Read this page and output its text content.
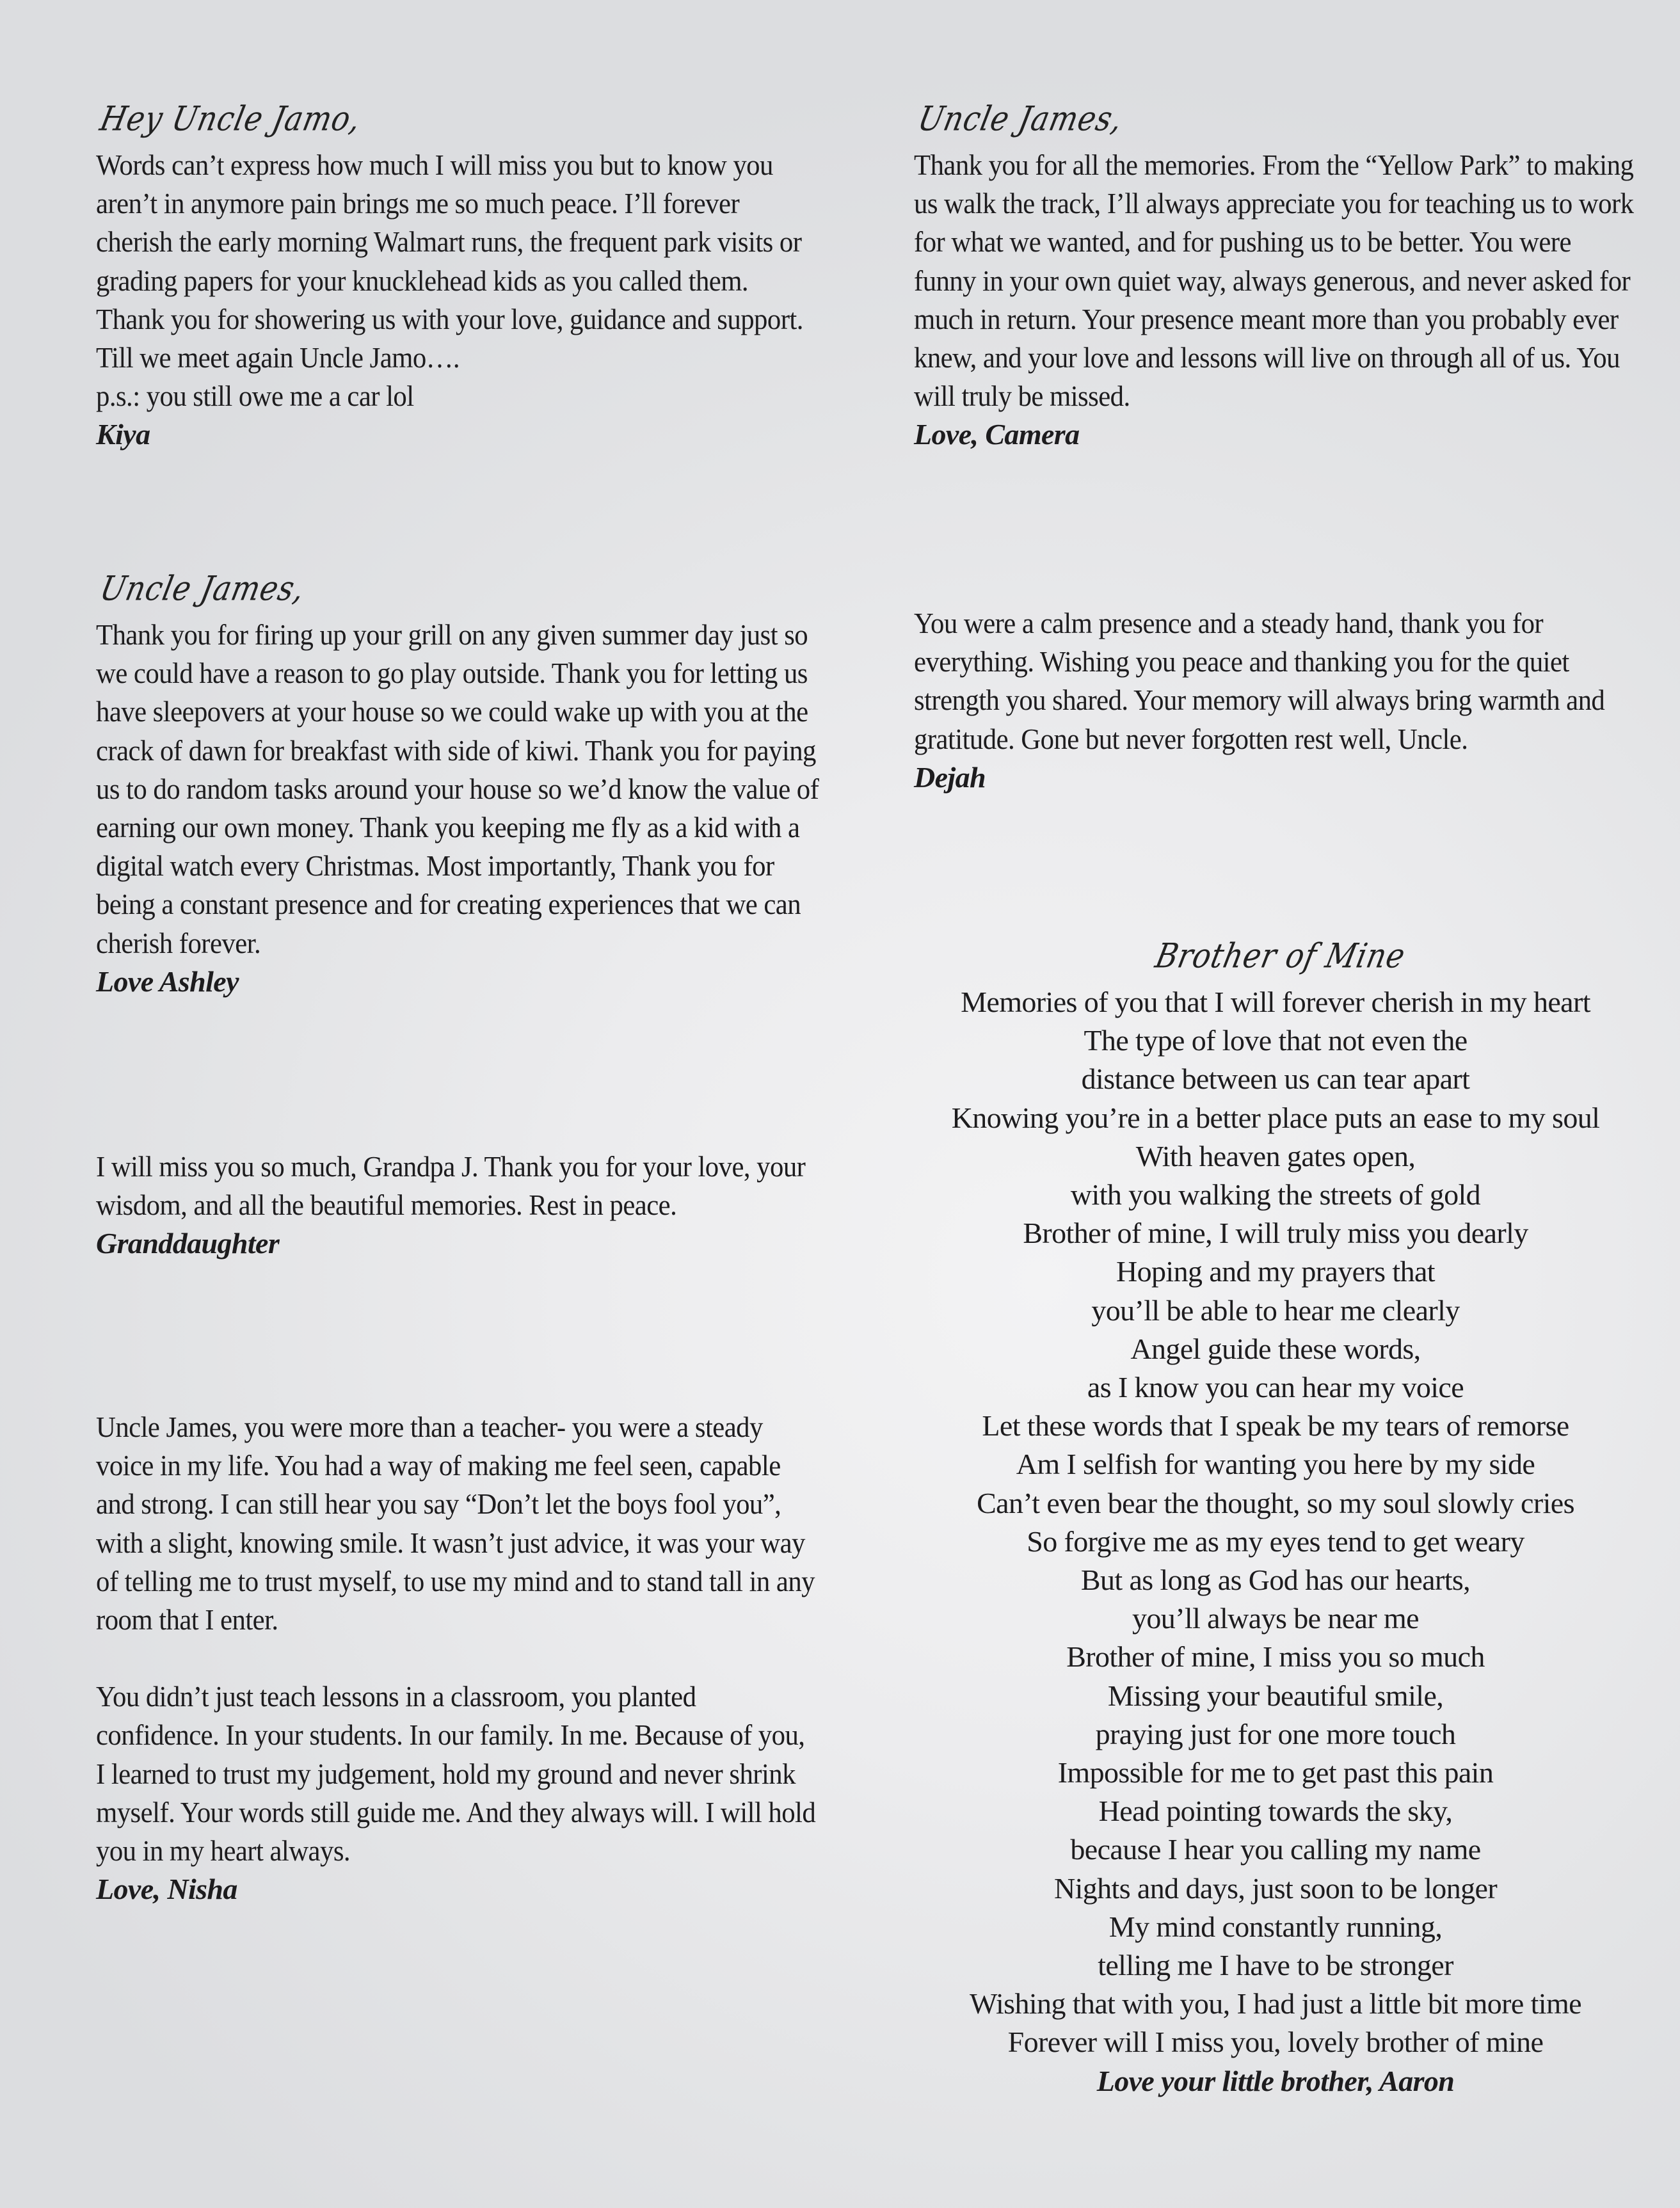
Hey Uncle Jamo,

Words can’t express how much I will miss you but to know you aren’t in anymore pain brings me so much peace. I’ll forever cherish the early morning Walmart runs, the frequent park visits or grading papers for your knucklehead kids as you called them. Thank you for showering us with your love, guidance and support. Till we meet again Uncle Jamo….

p.s.: you still owe me a car lol

Kiya
Uncle James,

Thank you for firing up your grill on any given summer day just so we could have a reason to go play outside. Thank you for letting us have sleepovers at your house so we could wake up with you at the crack of dawn for breakfast with side of kiwi. Thank you for paying us to do random tasks around your house so we’d know the value of earning our own money. Thank you keeping me fly as a kid with a digital watch every Christmas. Most importantly, Thank you for being a constant presence and for creating experiences that we can cherish forever.

Love Ashley

I will miss you so much, Grandpa J. Thank you for your love, your wisdom, and all the beautiful memories. Rest in peace.

Granddaughter

Uncle James, you were more than a teacher- you were a steady voice in my life. You had a way of making me feel seen, capable and strong. I can still hear you say “Don’t let the boys fool you”, with a slight, knowing smile. It wasn’t just advice, it was your way of telling me to trust myself, to use my mind and to stand tall in any room that I enter.

You didn’t just teach lessons in a classroom, you planted confidence. In your students. In our family. In me. Because of you, I learned to trust my judgement, hold my ground and never shrink myself. Your words still guide me. And they always will. I will hold you in my heart always.

Love, Nisha
Uncle James,

Thank you for all the memories. From the “Yellow Park” to making us walk the track, I’ll always appreciate you for teaching us to work for what we wanted, and for pushing us to be better. You were funny in your own quiet way, always generous, and never asked for much in return. Your presence meant more than you probably ever knew, and your love and lessons will live on through all of us. You will truly be missed.

Love, Camera

You were a calm presence and a steady hand, thank you for everything. Wishing you peace and thanking you for the quiet strength you shared. Your memory will always bring warmth and gratitude. Gone but never forgotten rest well, Uncle.

Dejah
Brother of Mine
Memories of you that I will forever cherish in my heart
The type of love that not even the
distance between us can tear apart
Knowing you’re in a better place puts an ease to my soul
With heaven gates open,
with you walking the streets of gold
Brother of mine, I will truly miss you dearly
Hoping and my prayers that
you’ll be able to hear me clearly
Angel guide these words,
as I know you can hear my voice
Let these words that I speak be my tears of remorse
Am I selfish for wanting you here by my side
Can’t even bear the thought, so my soul slowly cries
So forgive me as my eyes tend to get weary
But as long as God has our hearts,
you’ll always be near me
Brother of mine, I miss you so much
Missing your beautiful smile,
praying just for one more touch
Impossible for me to get past this pain
Head pointing towards the sky,
because I hear you calling my name
Nights and days, just soon to be longer
My mind constantly running,
telling me I have to be stronger
Wishing that with you, I had just a little bit more time
Forever will I miss you, lovely brother of mine
Love your little brother, Aaron
